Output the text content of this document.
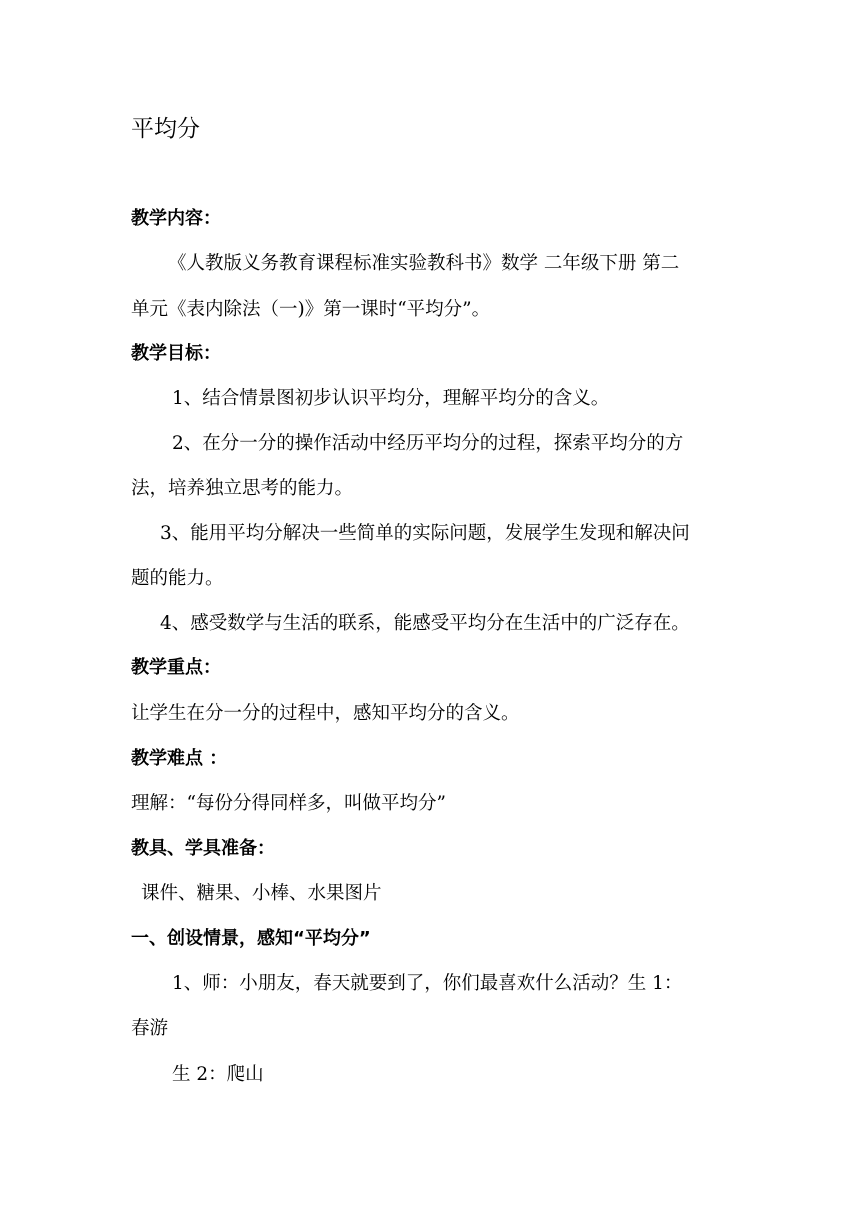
平均分
教学内容：
《人教版义务教育课程标准实验教科书》数学 二年级下册 第二
单元《表内除法（一)》第一课时“平均分”。
教学目标：
1、结合情景图初步认识平均分，理解平均分的含义。
2、在分一分的操作活动中经历平均分的过程，探索平均分的方
法，培养独立思考的能力。
3、能用平均分解决一些简单的实际问题，发展学生发现和解决问
题的能力。
4、感受数学与生活的联系，能感受平均分在生活中的广泛存在。
教学重点：
让学生在分一分的过程中，感知平均分的含义。
教学难点 ：
理解：“每份分得同样多，叫做平均分”
教具、学具准备：
课件、糖果、小棒、水果图片
一、创设情景，感知“平均分”
1、师：小朋友，春天就要到了，你们最喜欢什么活动？生 1：
春游
生 2：爬山
